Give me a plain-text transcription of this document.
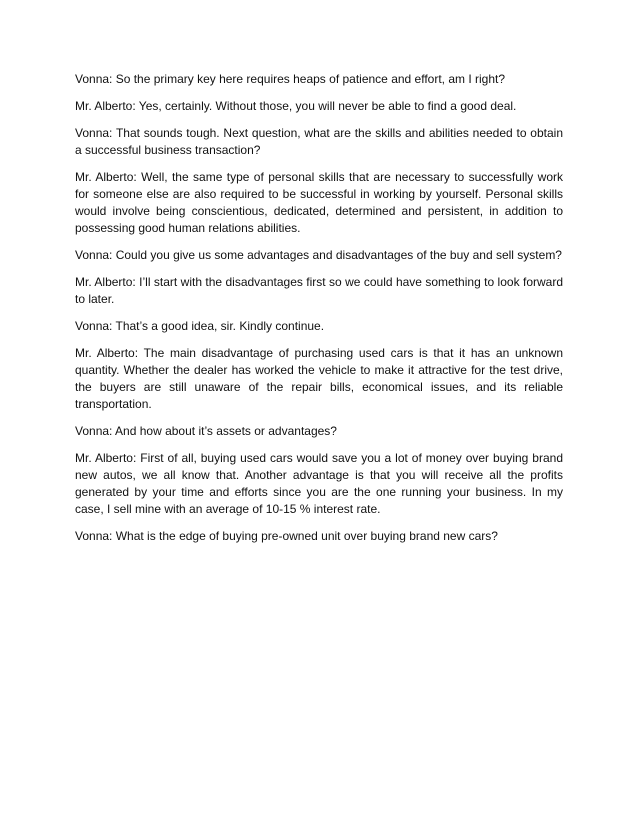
Vonna: So the primary key here requires heaps of patience and effort, am I right?

Mr. Alberto: Yes, certainly. Without those, you will never be able to find a good deal.

Vonna: That sounds tough. Next question, what are the skills and abilities needed to obtain a successful business transaction?

Mr. Alberto: Well, the same type of personal skills that are necessary to successfully work for someone else are also required to be successful in working by yourself. Personal skills would involve being conscientious, dedicated, determined and persistent, in addition to possessing good human relations abilities.

Vonna: Could you give us some advantages and disadvantages of the buy and sell system?

Mr. Alberto: I’ll start with the disadvantages first so we could have something to look forward to later.

Vonna: That’s a good idea, sir. Kindly continue.

Mr. Alberto: The main disadvantage of purchasing used cars is that it has an unknown quantity. Whether the dealer has worked the vehicle to make it attractive for the test drive, the buyers are still unaware of the repair bills, economical issues, and its reliable transportation.

Vonna: And how about it’s assets or advantages?

Mr. Alberto: First of all, buying used cars would save you a lot of money over buying brand new autos, we all know that. Another advantage is that you will receive all the profits generated by your time and efforts since you are the one running your business. In my case, I sell mine with an average of 10-15 % interest rate.

Vonna: What is the edge of buying pre-owned unit over buying brand new cars?
